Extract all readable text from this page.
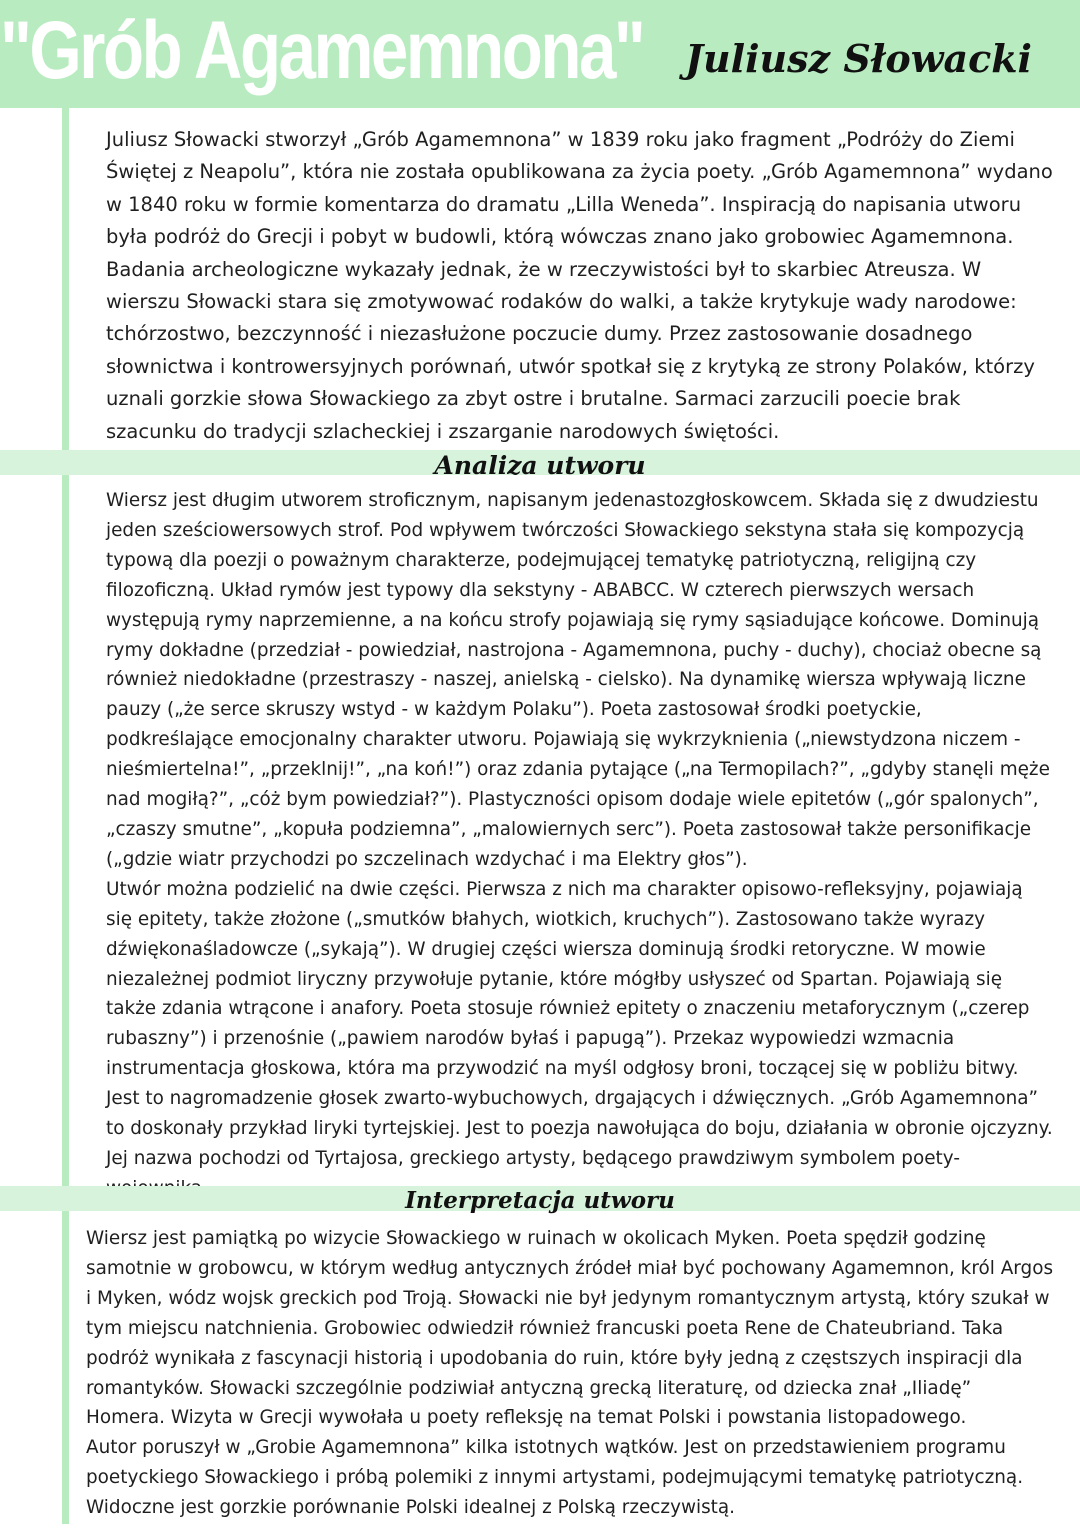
"Grób Agamemnona" Juliusz Słowacki

Juliusz Słowacki stworzył „Grób Agamemnona” w 1839 roku jako fragment „Podróży do Ziemi Świętej z Neapolu”, która nie została opublikowana za życia poety. „Grób Agamemnona” wydano w 1840 roku w formie komentarza do dramatu „Lilla Weneda”. Inspiracją do napisania utworu była podróż do Grecji i pobyt w budowli, którą wówczas znano jako grobowiec Agamemnona. Badania archeologiczne wykazały jednak, że w rzeczywistości był to skarbiec Atreusza. W wierszu Słowacki stara się zmotywować rodaków do walki, a także krytykuje wady narodowe: tchórzostwo, bezczynność i niezasłużone poczucie dumy. Przez zastosowanie dosadnego słownictwa i kontrowersyjnych porównań, utwór spotkał się z krytyką ze strony Polaków, którzy uznali gorzkie słowa Słowackiego za zbyt ostre i brutalne. Sarmaci zarzucili poecie brak szacunku do tradycji szlacheckiej i zszarganie narodowych świętości.

Analiza utworu

Wiersz jest długim utworem stroficznym, napisanym jedenastozgłoskowcem. Składa się z dwudziestu jeden sześciowersowych strof. Pod wpływem twórczości Słowackiego sekstyna stała się kompozycją typową dla poezji o poważnym charakterze, podejmującej tematykę patriotyczną, religijną czy filozoficzną. Układ rymów jest typowy dla sekstyny - ABABCC. W czterech pierwszych wersach występują rymy naprzemienne, a na końcu strofy pojawiają się rymy sąsiadujące końcowe. Dominują rymy dokładne (przedział - powiedział, nastrojona - Agamemnona, puchy - duchy), chociaż obecne są również niedokładne (przestraszy - naszej, anielską - cielsko). Na dynamikę wiersza wpływają liczne pauzy („że serce skruszy wstyd - w każdym Polaku”). Poeta zastosował środki poetyckie, podkreślające emocjonalny charakter utworu. Pojawiają się wykrzyknienia („niewstydzona niczem - nieśmiertelna!”, „przeklnij!”, „na koń!”) oraz zdania pytające („na Termopilach?”, „gdyby stanęli męże nad mogiłą?”, „cóż bym powiedział?”). Plastyczności opisom dodaje wiele epitetów („gór spalonych”, „czaszy smutne”, „kopuła podziemna”, „malowiernych serc”). Poeta zastosował także personifikacje („gdzie wiatr przychodzi po szczelinach wzdychać i ma Elektry głos”).

Utwór można podzielić na dwie części. Pierwsza z nich ma charakter opisowo-refleksyjny, pojawiają się epitety, także złożone („smutków błahych, wiotkich, kruchych”). Zastosowano także wyrazy dźwiękonaśladowcze („sykają”). W drugiej części wiersza dominują środki retoryczne. W mowie niezależnej podmiot liryczny przywołuje pytanie, które mógłby usłyszeć od Spartan. Pojawiają się także zdania wtrącone i anafory. Poeta stosuje również epitety o znaczeniu metaforycznym („czerep rubaszny”) i przenośnie („pawiem narodów byłaś i papugą”). Przekaz wypowiedzi wzmacnia instrumentacja głoskowa, która ma przywodzić na myśl odgłosy broni, toczącej się w pobliżu bitwy. Jest to nagromadzenie głosek zwarto-wybuchowych, drgających i dźwięcznych. „Grób Agamemnona” to doskonały przykład liryki tyrtejskiej. Jest to poezja nawołująca do boju, działania w obronie ojczyzny. Jej nazwa pochodzi od Tyrtajosa, greckiego artysty, będącego prawdziwym symbolem poety-

Interpretacja utworu

Wiersz jest pamiątką po wizycie Słowackiego w ruinach w okolicach Myken. Poeta spędził godzinę samotnie w grobowcu, w którym według antycznych źródeł miał być pochowany Agamemnon, król Argos i Myken, wódz wojsk greckich pod Troją. Słowacki nie był jedynym romantycznym artystą, który szukał w tym miejscu natchnienia. Grobowiec odwiedził również francuski poeta Rene de Chateubriand. Taka podróż wynikała z fascynacji historią i upodobania do ruin, które były jedną z częstszych inspiracji dla romantyków. Słowacki szczególnie podziwiał antyczną grecką literaturę, od dziecka znał „Iliadę” Homera. Wizyta w Grecji wywołała u poety refleksję na temat Polski i powstania listopadowego.

Autor poruszył w „Grobie Agamemnona” kilka istotnych wątków. Jest on przedstawieniem programu poetyckiego Słowackiego i próbą polemiki z innymi artystami, podejmującymi tematykę patriotyczną. Widoczne jest gorzkie porównanie Polski idealnej z Polską rzeczywistą.
